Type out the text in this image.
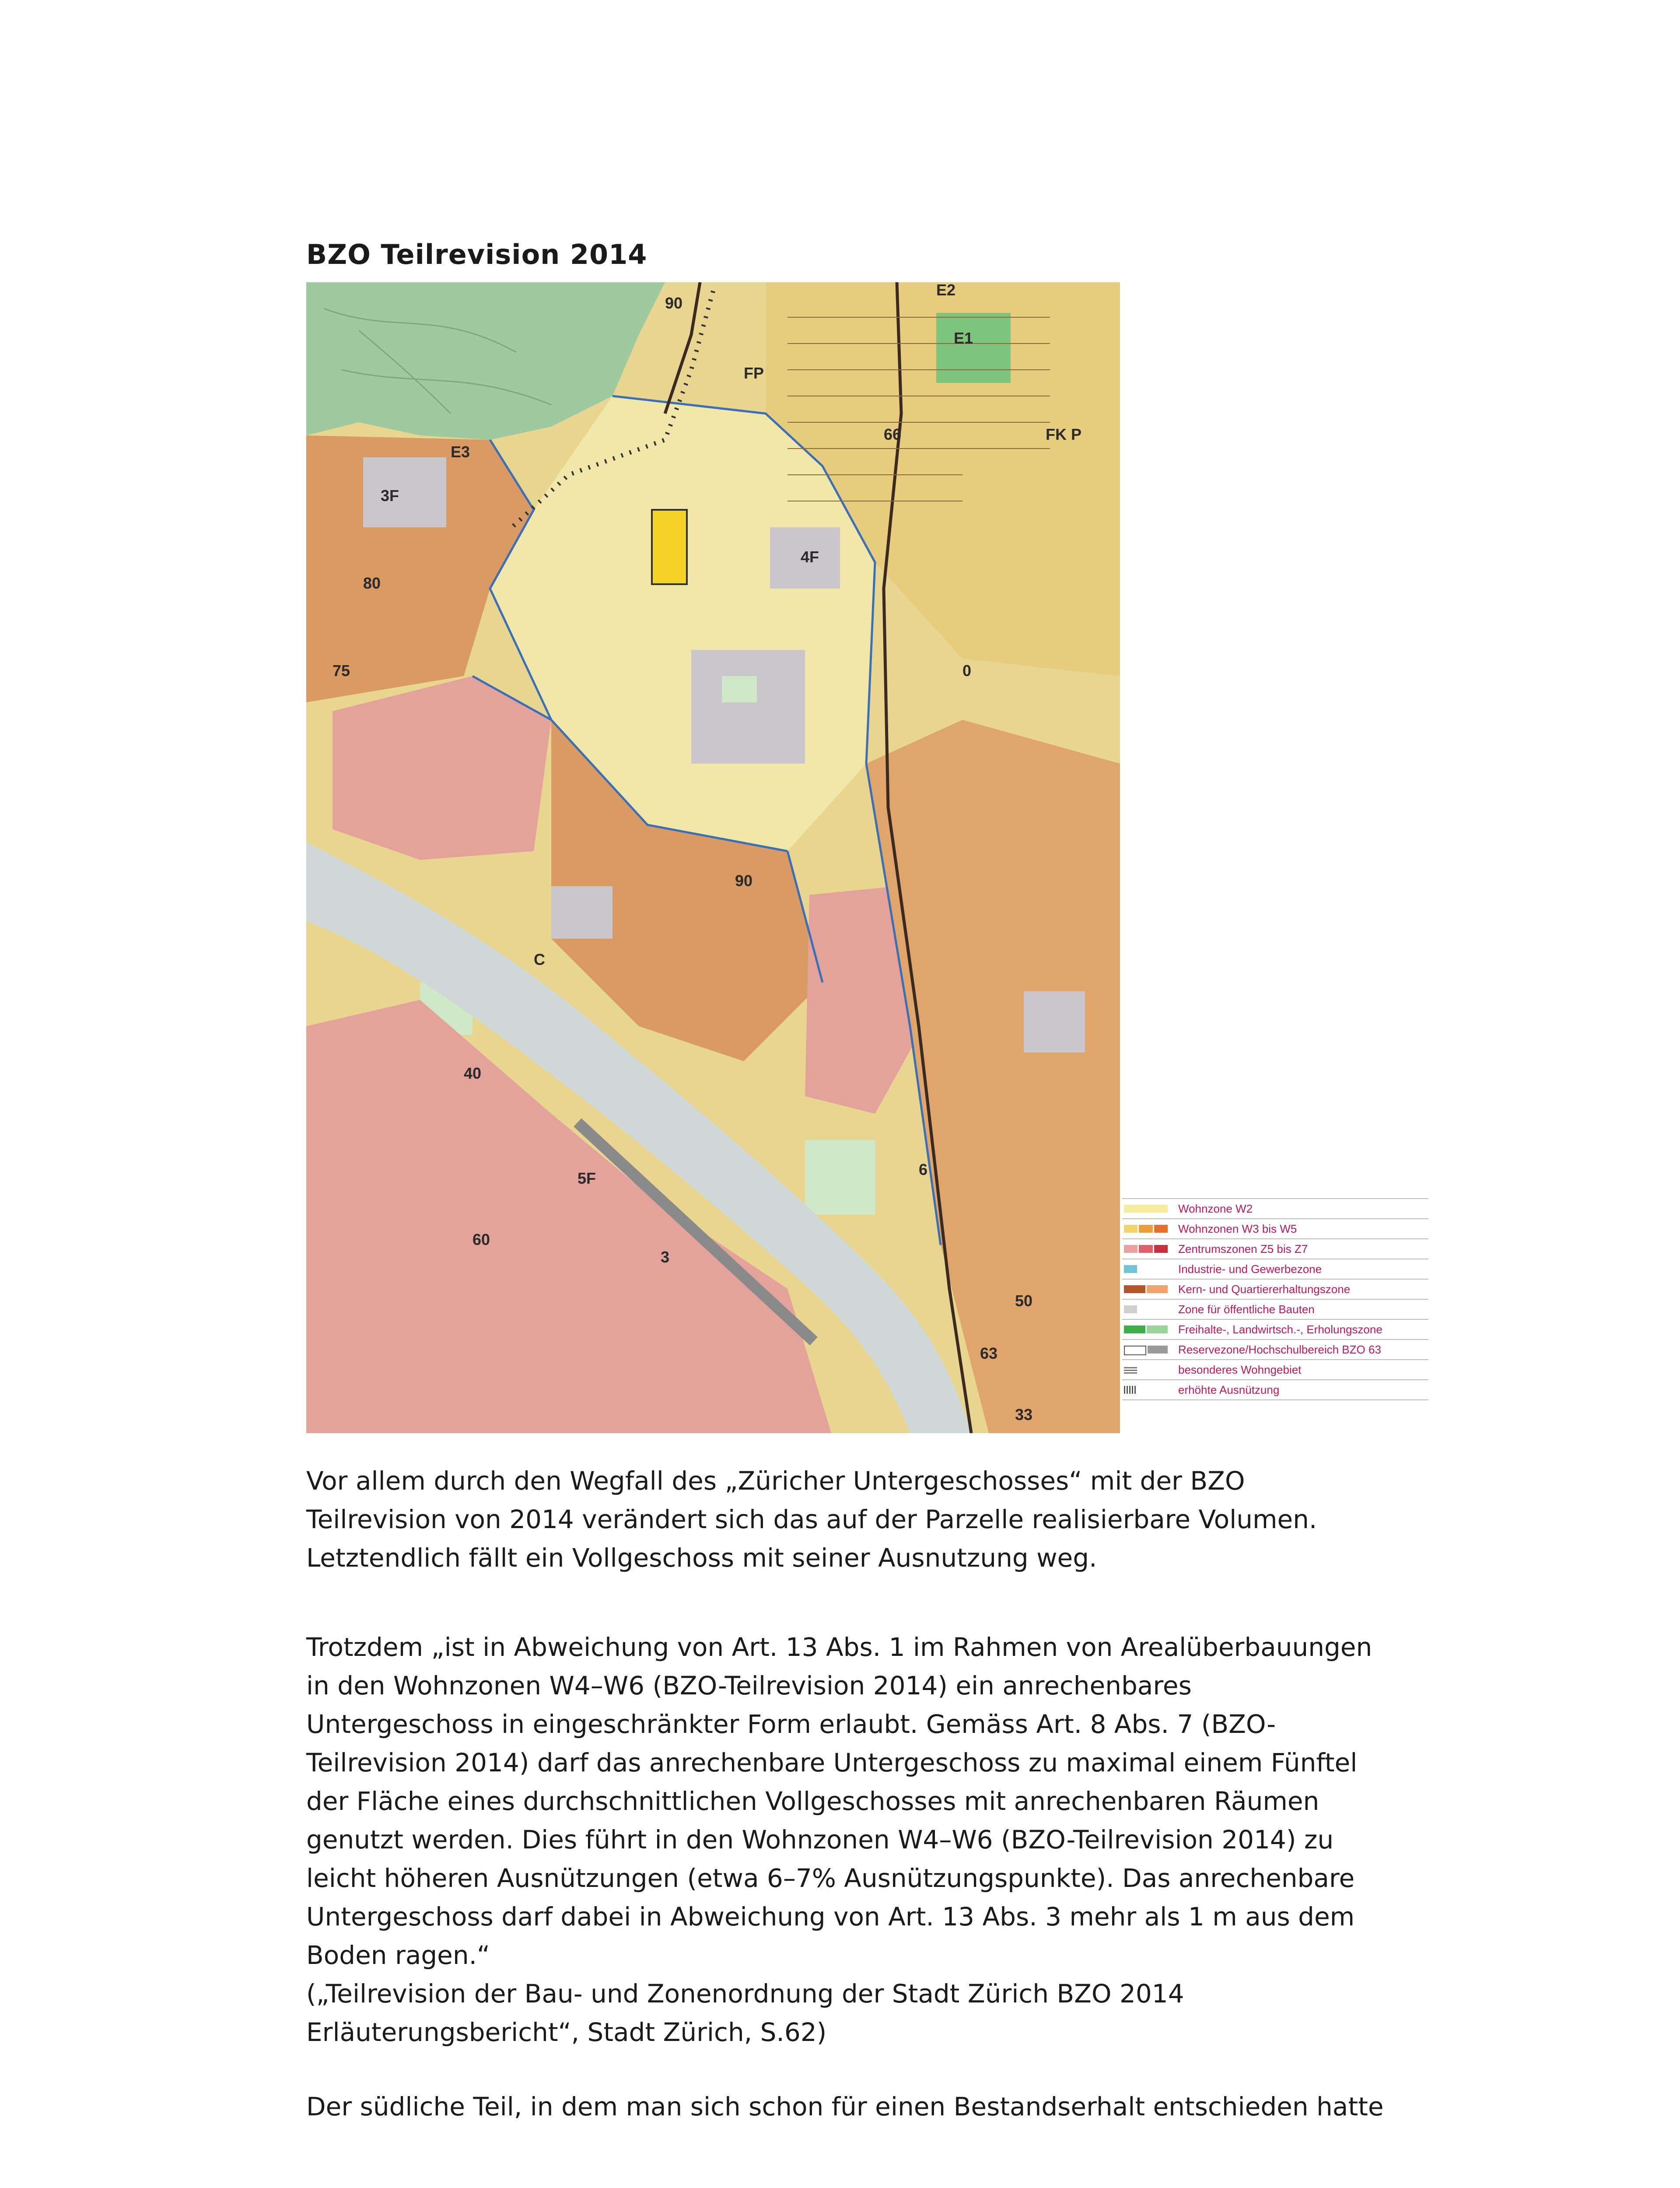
BZO Teilrevision 2014
E2
E1
E3
90
FP
FK P
66
3F
4F
80
75	0
90
5F
60
40
C
3
6
63
50
33
Wohnzone W2
Wohnzonen W3 bis W5
Zentrumszonen Z5 bis Z7
Industrie- und Gewerbezone
Kern- und Quartiererhaltungszone
Zone für öffentliche Bauten
Freihalte-, Landwirtsch.-, Erholungszone
Reservezone/Hochschulbereich BZO 63
besonderes Wohngebiet
erhöhte Ausnützung

Vor allem durch den Wegfall des „Züricher Untergeschosses“ mit der BZO
Teilrevision von 2014 verändert sich das auf der Parzelle realisierbare Volumen.
Letztendlich fällt ein Vollgeschoss mit seiner Ausnutzung weg.

Trotzdem „ist in Abweichung von Art. 13 Abs. 1 im Rahmen von Arealüberbauungen
in den Wohnzonen W4–W6 (BZO-Teilrevision 2014) ein anrechenbares
Untergeschoss in eingeschränkter Form erlaubt. Gemäss Art. 8 Abs. 7 (BZO-
Teilrevision 2014) darf das anrechenbare Untergeschoss zu maximal einem Fünftel
der Fläche eines durchschnittlichen Vollgeschosses mit anrechenbaren Räumen
genutzt werden. Dies führt in den Wohnzonen W4–W6 (BZO-Teilrevision 2014) zu
leicht höheren Ausnützungen (etwa 6–7% Ausnützungspunkte). Das anrechenbare
Untergeschoss darf dabei in Abweichung von Art. 13 Abs. 3 mehr als 1 m aus dem
Boden ragen.“
(„Teilrevision der Bau- und Zonenordnung der Stadt Zürich BZO 2014
Erläuterungsbericht“, Stadt Zürich, S.62)

Der südliche Teil, in dem man sich schon für einen Bestandserhalt entschieden hatte
